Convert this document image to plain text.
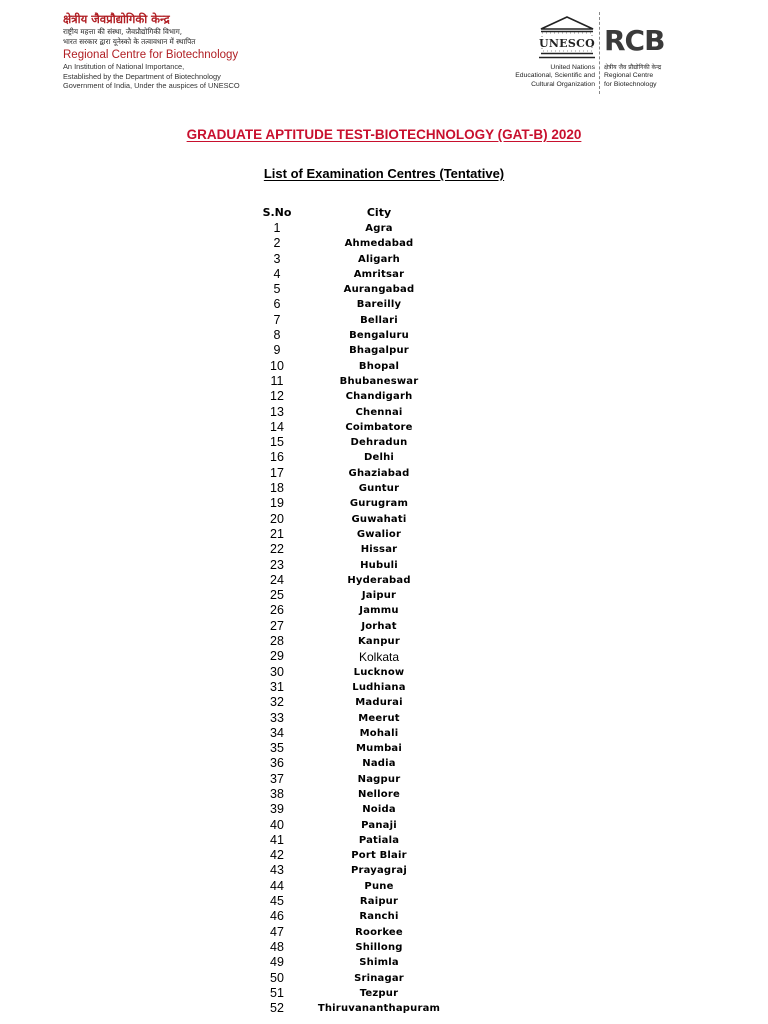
क्षेत्रीय जैवप्रौद्योगिकी केन्द्र
राष्ट्रीय महत्ता की संस्था, जैवप्रौद्योगिकी विभाग,
भारत सरकार द्वारा यूनेस्को के तत्वावधान में स्थापित
Regional Centre for Biotechnology
An Institution of National Importance,
Established by the Department of Biotechnology
Government of India, Under the auspices of UNESCO
UNESCO
United Nations
Educational, Scientific and
Cultural Organization
RCB
क्षेत्रीय जैव प्रौद्योगिकी केन्द्र
Regional Centre
for Biotechnology
GRADUATE APTITUDE TEST-BIOTECHNOLOGY (GAT-B) 2020
List of Examination Centres (Tentative)
S.No	City
1	Agra
2	Ahmedabad
3	Aligarh
4	Amritsar
5	Aurangabad
6	Bareilly
7	Bellari
8	Bengaluru
9	Bhagalpur
10	Bhopal
11	Bhubaneswar
12	Chandigarh
13	Chennai
14	Coimbatore
15	Dehradun
16	Delhi
17	Ghaziabad
18	Guntur
19	Gurugram
20	Guwahati
21	Gwalior
22	Hissar
23	Hubuli
24	Hyderabad
25	Jaipur
26	Jammu
27	Jorhat
28	Kanpur
29	Kolkata
30	Lucknow
31	Ludhiana
32	Madurai
33	Meerut
34	Mohali
35	Mumbai
36	Nadia
37	Nagpur
38	Nellore
39	Noida
40	Panaji
41	Patiala
42	Port Blair
43	Prayagraj
44	Pune
45	Raipur
46	Ranchi
47	Roorkee
48	Shillong
49	Shimla
50	Srinagar
51	Tezpur
52	Thiruvananthapuram
